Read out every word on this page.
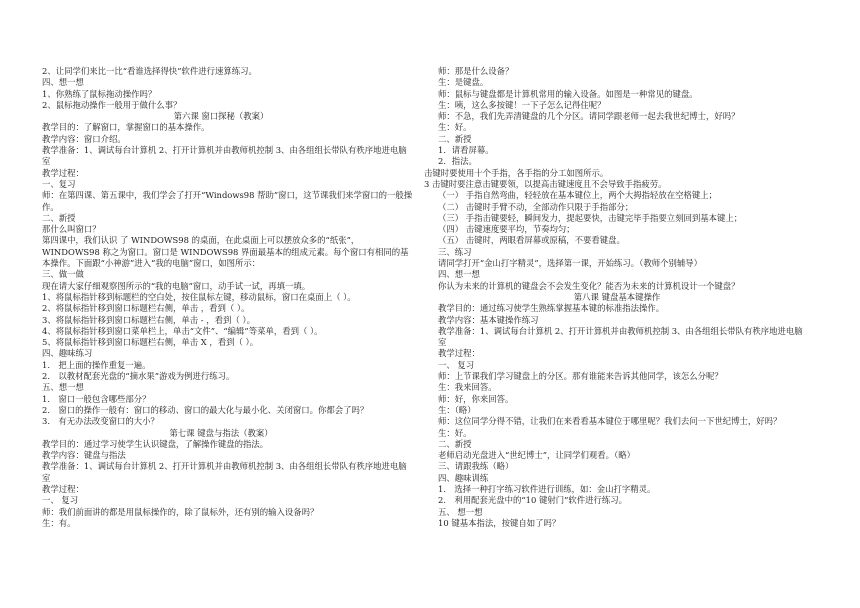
2、让同学们来比一比“看谁选择得快”软件进行速算练习。
四、想一想
1、你熟练了鼠标拖动操作吗？
2、鼠标拖动操作一般用于做什么事？
第六课 窗口探秘（教案）
教学目的：了解窗口，掌握窗口的基本操作。
教学内容：窗口介绍。
教学准备：1、调试每台计算机 2、打开计算机并由教师机控制 3、由各组组长带队有秩序地进电脑室
教学过程：
一、复习
师：在第四课、第五课中，我们学会了打开“Windows98 帮助”窗口，这节课我们来学窗口的一般操作。
二、新授
那什么叫窗口？
第四课中，我们认识 了 WINDOWS98 的桌面，在此桌面上可以摆放众多的“纸张”，WINDOWS98 称之为窗口。窗口是 WINDOWS98 界面最基本的组成元素。每个窗口有相同的基本操作。下面跟“小神游”进入“我的电脑”窗口，如图所示：
三、做一做
现在请大家仔细观察图所示的“我的电脑”窗口，动手试一试，再填一填。
1、将鼠标指针移到标题栏的空白处，按住鼠标左键，移动鼠标，窗口在桌面上（ ）。
2、将鼠标指针移到窗口标题栏右侧，单击 ，看到（ ）。
3、将鼠标指针移到窗口标题栏右侧，单击 - ，看到（ ）。
4、将鼠标指针移到窗口菜单栏上，单击“文件”、“编辑”等菜单，看到（ ）。
5、将鼠标指针移到窗口标题栏右侧，单击 X ，看到（ ）。
四、趣味练习
1． 把上面的操作重复一遍。
2． 以教材配套光盘的“摘水果”游戏为例进行练习。
五、想一想
1． 窗口一般包含哪些部分？
2． 窗口的操作一般有：窗口的移动、窗口的最大化与最小化、关闭窗口。你都会了吗？
3． 有无办法改变窗口的大小？
第七课 键盘与指法（教案）
教学目的：通过学习使学生认识键盘，了解操作键盘的指法。
教学内容：键盘与指法
教学准备：1、调试每台计算机 2、打开计算机并由教师机控制 3、由各组组长带队有秩序地进电脑室
教学过程：
一、 复习
师：我们前面讲的都是用鼠标操作的，除了鼠标外，还有别的输入设备吗？
生：有。
师：那是什么设备？
生：是键盘。
师：鼠标与键盘都是计算机常用的输入设备。如图是一种常见的键盘。
生：咦，这么多按键！一下子怎么记得住呢？
师：不急，我们先弄清键盘的几个分区。请同学跟老师一起去我世纪博士，好吗？
生：好。
二、新授
1．请看屏幕。
2．指法。
击键时要使用十个手指，各手指的分工如图所示。
3 击键时要注意击键要领，以提高击键速度且不会导致手指疲劳。
（一） 手指自然弯曲，轻轻放在基本键位上，两个大拇指轻放在空格键上；
（二） 击键时手臂不动，全部动作只限于手指部分；
（三） 手指击键要轻，瞬间发力，提起要快，击键完毕手指要立刻回到基本键上；
（四） 击键速度要平均，节奏均匀；
（五） 击键时，两眼看屏幕或原稿，不要看键盘。
三、练习
请同学打开“金山打字精灵”，选择第一课，开始练习。（教师个别辅导）
四、想一想
你认为未来的计算机的键盘会不会发生变化？能否为未来的计算机设计一个键盘？
第八课 键盘基本键操作
教学目的：通过练习使学生熟练掌握基本键的标准指法操作。
教学内容：基本键操作练习
教学准备：1、调试每台计算机 2、打开计算机并由教师机控制 3、由各组组长带队有秩序地进电脑室
教学过程：
一、 复习
师：上节课我们学习键盘上的分区。那有谁能来告诉其他同学，该怎么分呢？
生：我来回答。
师：好，你来回答。
生：（略）
师：这位同学分得不错，让我们在来看看基本键位于哪里呢？我们去问一下世纪博士，好吗？
生：好。
二、新授
老师启动光盘进入“世纪博士”，让同学们观看。（略）
三、请跟我练（略）
四、趣味训练
1． 选择一种打字练习软件进行训练，如：金山打字精灵。
2． 利用配套光盘中的“10 键射门”软件进行练习。
五、 想一想
10 键基本指法，按键自如了吗？
